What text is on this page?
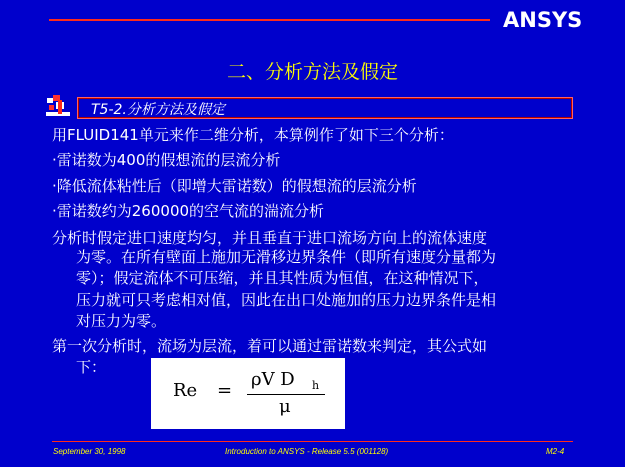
ANSYS
二、分析方法及假定
T5-2.分析方法及假定
用FLUID141单元来作二维分析，本算例作了如下三个分析：
·雷诺数为400的假想流的层流分析
·降低流体粘性后（即增大雷诺数）的假想流的层流分析
·雷诺数约为260000的空气流的湍流分析
分析时假定进口速度均匀，并且垂直于进口流场方向上的流体速度
为零。在所有壁面上施加无滑移边界条件（即所有速度分量都为
零）；假定流体不可压缩，并且其性质为恒值，在这种情况下，
压力就可只考虑相对值，因此在出口处施加的压力边界条件是相
对压力为零。
第一次分析时，流场为层流，着可以通过雷诺数来判定，其公式如
下：
Re =
ρV D h
μ
September 30, 1998	Introduction to ANSYS - Release 5.5 (001128)	M2-4
